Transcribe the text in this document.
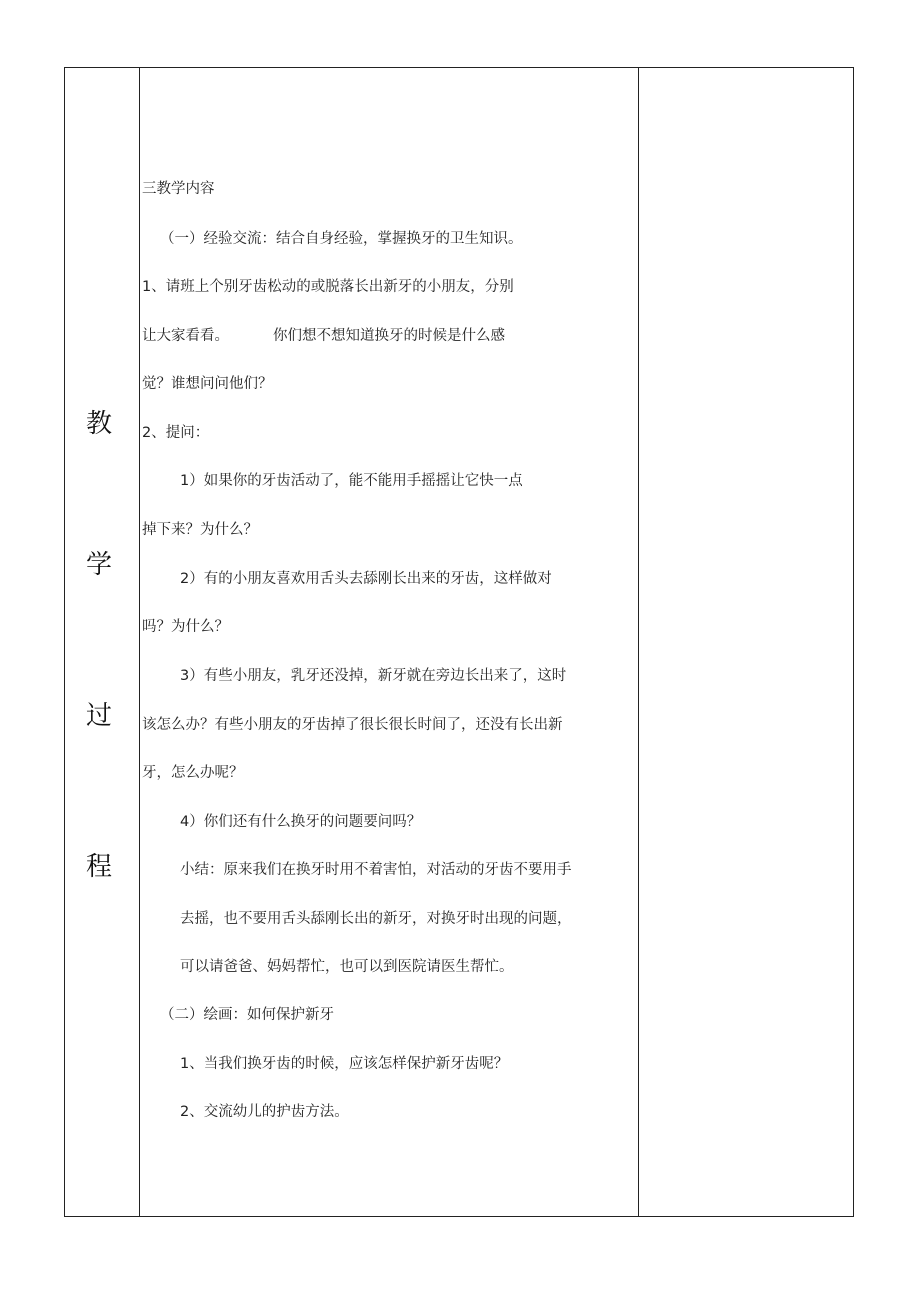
教
学
过
程
三教学内容
（一）经验交流：结合自身经验，掌握换牙的卫生知识。
1、请班上个别牙齿松动的或脱落长出新牙的小朋友，分别
让大家看看。	你们想不想知道换牙的时候是什么感
觉？谁想问问他们？
2、提问：
1）如果你的牙齿活动了，能不能用手摇摇让它快一点
掉下来？为什么？
2）有的小朋友喜欢用舌头去舔刚长出来的牙齿，这样做对
吗？为什么？
3）有些小朋友，乳牙还没掉，新牙就在旁边长出来了，这时
该怎么办？有些小朋友的牙齿掉了很长很长时间了，还没有长出新
牙，怎么办呢？
4）你们还有什么换牙的问题要问吗？
小结：原来我们在换牙时用不着害怕，对活动的牙齿不要用手
去摇，也不要用舌头舔刚长出的新牙，对换牙时出现的问题，
可以请爸爸、妈妈帮忙，也可以到医院请医生帮忙。
（二）绘画：如何保护新牙
1、当我们换牙齿的时候，应该怎样保护新牙齿呢？
2、交流幼儿的护齿方法。
